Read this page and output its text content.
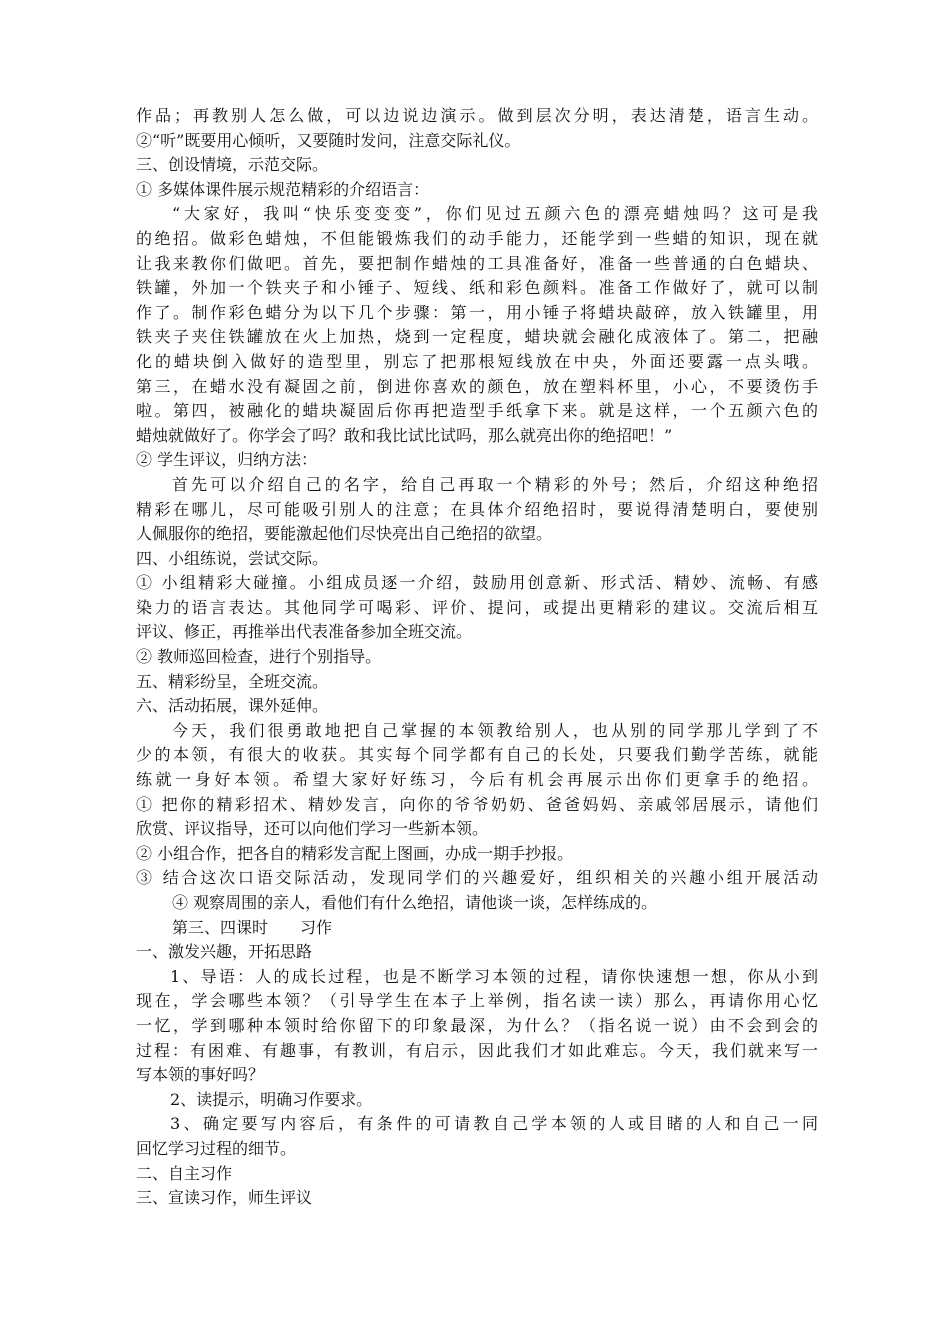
作品；再教别人怎么做，可以边说边演示。做到层次分明，表达清楚，语言生动。
②“听”既要用心倾听，又要随时发问，注意交际礼仪。
三、创设情境，示范交际。
① 多媒体课件展示规范精彩的介绍语言：
“大家好，我叫“快乐变变变”，你们见过五颜六色的漂亮蜡烛吗？这可是我
的绝招。做彩色蜡烛，不但能锻炼我们的动手能力，还能学到一些蜡的知识，现在就
让我来教你们做吧。首先，要把制作蜡烛的工具准备好，准备一些普通的白色蜡块、
铁罐，外加一个铁夹子和小锤子、短线、纸和彩色颜料。准备工作做好了，就可以制
作了。制作彩色蜡分为以下几个步骤：第一，用小锤子将蜡块敲碎，放入铁罐里，用
铁夹子夹住铁罐放在火上加热，烧到一定程度，蜡块就会融化成液体了。第二，把融
化的蜡块倒入做好的造型里，别忘了把那根短线放在中央，外面还要露一点头哦。
第三，在蜡水没有凝固之前，倒进你喜欢的颜色，放在塑料杯里，小心，不要烫伤手
啦。第四，被融化的蜡块凝固后你再把造型手纸拿下来。就是这样，一个五颜六色的
蜡烛就做好了。你学会了吗？敢和我比试比试吗，那么就亮出你的绝招吧！”
② 学生评议，归纳方法：
首先可以介绍自己的名字，给自己再取一个精彩的外号；然后，介绍这种绝招
精彩在哪儿，尽可能吸引别人的注意；在具体介绍绝招时，要说得清楚明白，要使别
人佩服你的绝招，要能激起他们尽快亮出自己绝招的欲望。
四、小组练说，尝试交际。
① 小组精彩大碰撞。小组成员逐一介绍，鼓励用创意新、形式活、精妙、流畅、有感
染力的语言表达。其他同学可喝彩、评价、提问，或提出更精彩的建议。交流后相互
评议、修正，再推举出代表准备参加全班交流。
② 教师巡回检查，进行个别指导。
五、精彩纷呈，全班交流。
六、活动拓展，课外延伸。
今天，我们很勇敢地把自己掌握的本领教给别人，也从别的同学那儿学到了不
少的本领，有很大的收获。其实每个同学都有自己的长处，只要我们勤学苦练，就能
练就一身好本领。希望大家好好练习，今后有机会再展示出你们更拿手的绝招。
① 把你的精彩招术、精妙发言，向你的爷爷奶奶、爸爸妈妈、亲戚邻居展示，请他们
欣赏、评议指导，还可以向他们学习一些新本领。
② 小组合作，把各自的精彩发言配上图画，办成一期手抄报。
③ 结合这次口语交际活动，发现同学们的兴趣爱好，组织相关的兴趣小组开展活动
④ 观察周围的亲人，看他们有什么绝招，请他谈一谈，怎样练成的。
第三、四课时　　习作
一、激发兴趣，开拓思路
1、导语：人的成长过程，也是不断学习本领的过程，请你快速想一想，你从小到
现在，学会哪些本领？（引导学生在本子上举例，指名读一读）那么，再请你用心忆
一忆，学到哪种本领时给你留下的印象最深，为什么？（指名说一说）由不会到会的
过程：有困难、有趣事，有教训，有启示，因此我们才如此难忘。今天，我们就来写一
写本领的事好吗？
2、读提示，明确习作要求。
3、确定要写内容后，有条件的可请教自己学本领的人或目睹的人和自己一同
回忆学习过程的细节。
二、自主习作
三、宣读习作，师生评议
